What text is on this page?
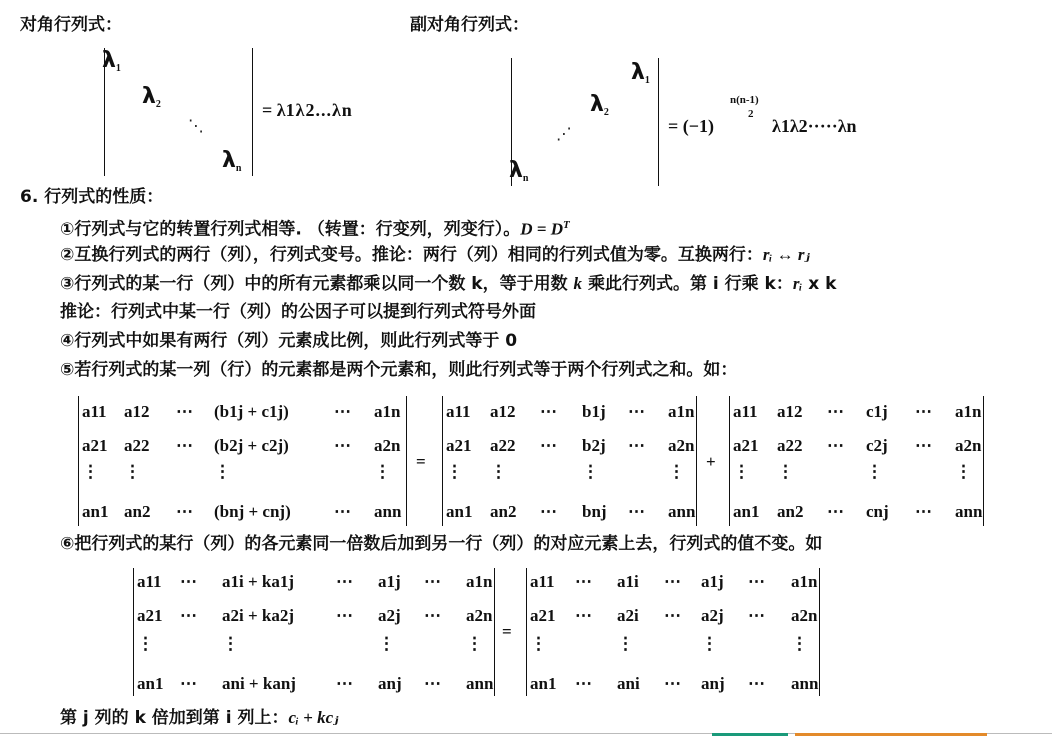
对角行列式：	副对角行列式：
$\lambda_1$
$\lambda_2$
⋱
$\lambda_n$
= λ1λ2...λn
$\lambda_1$
$\lambda_2$
⋰
$\lambda_n$
= (−1)
n(n-1)
2
λ1λ2·····λn
6. 行列式的性质：
①行列式与它的转置行列式相等. （转置：行变列，列变行）。$D = D^T$
②互换行列式的两行（列），行列式变号。推论：两行（列）相同的行列式值为零。互换两行：rᵢ ↔ rⱼ
③行列式的某一行（列）中的所有元素都乘以同一个数 k，等于用数 k 乘此行列式。第 i 行乘 k：rᵢ x k
推论：行列式中某一行（列）的公因子可以提到行列式符号外面
④行列式中如果有两行（列）元素成比例，则此行列式等于 0
⑤若行列式的某一列（行）的元素都是两个元素和，则此行列式等于两个行列式之和。如：
=	+
a11 a12 ⋯ (b1j + c1j)	⋯ a1n
a21 a22 ⋯ (b2j + c2j)	⋯ a2n
⋮ ⋮	⋮	⋮
an1 an2 ⋯ (bnj + cnj)	⋯ ann
a11 a12 ⋯ b1j ⋯ a1n
a21 a22 ⋯ b2j ⋯ a2n
⋮ ⋮	⋮	⋮
an1 an2 ⋯ bnj ⋯ ann
a11 a12 ⋯ c1j ⋯ a1n
a21 a22 ⋯ c2j ⋯ a2n
⋮ ⋮	⋮	⋮
an1 an2 ⋯ cnj ⋯ ann
⑥把行列式的某行（列）的各元素同一倍数后加到另一行（列）的对应元素上去，行列式的值不变。如
=
a11 ⋯ a1i + ka1j ⋯ a1j ⋯ a1n
a21 ⋯ a2i + ka2j ⋯ a2j ⋯ a2n
⋮	⋮	⋮	⋮
an1 ⋯ ani + kanj ⋯ anj ⋯ ann
a11 ⋯ a1i ⋯ a1j ⋯ a1n
a21 ⋯ a2i ⋯ a2j ⋯ a2n
⋮	⋮	⋮	⋮
an1 ⋯ ani ⋯ anj ⋯ ann
第 j 列的 k 倍加到第 i 列上：cᵢ + kcⱼ
